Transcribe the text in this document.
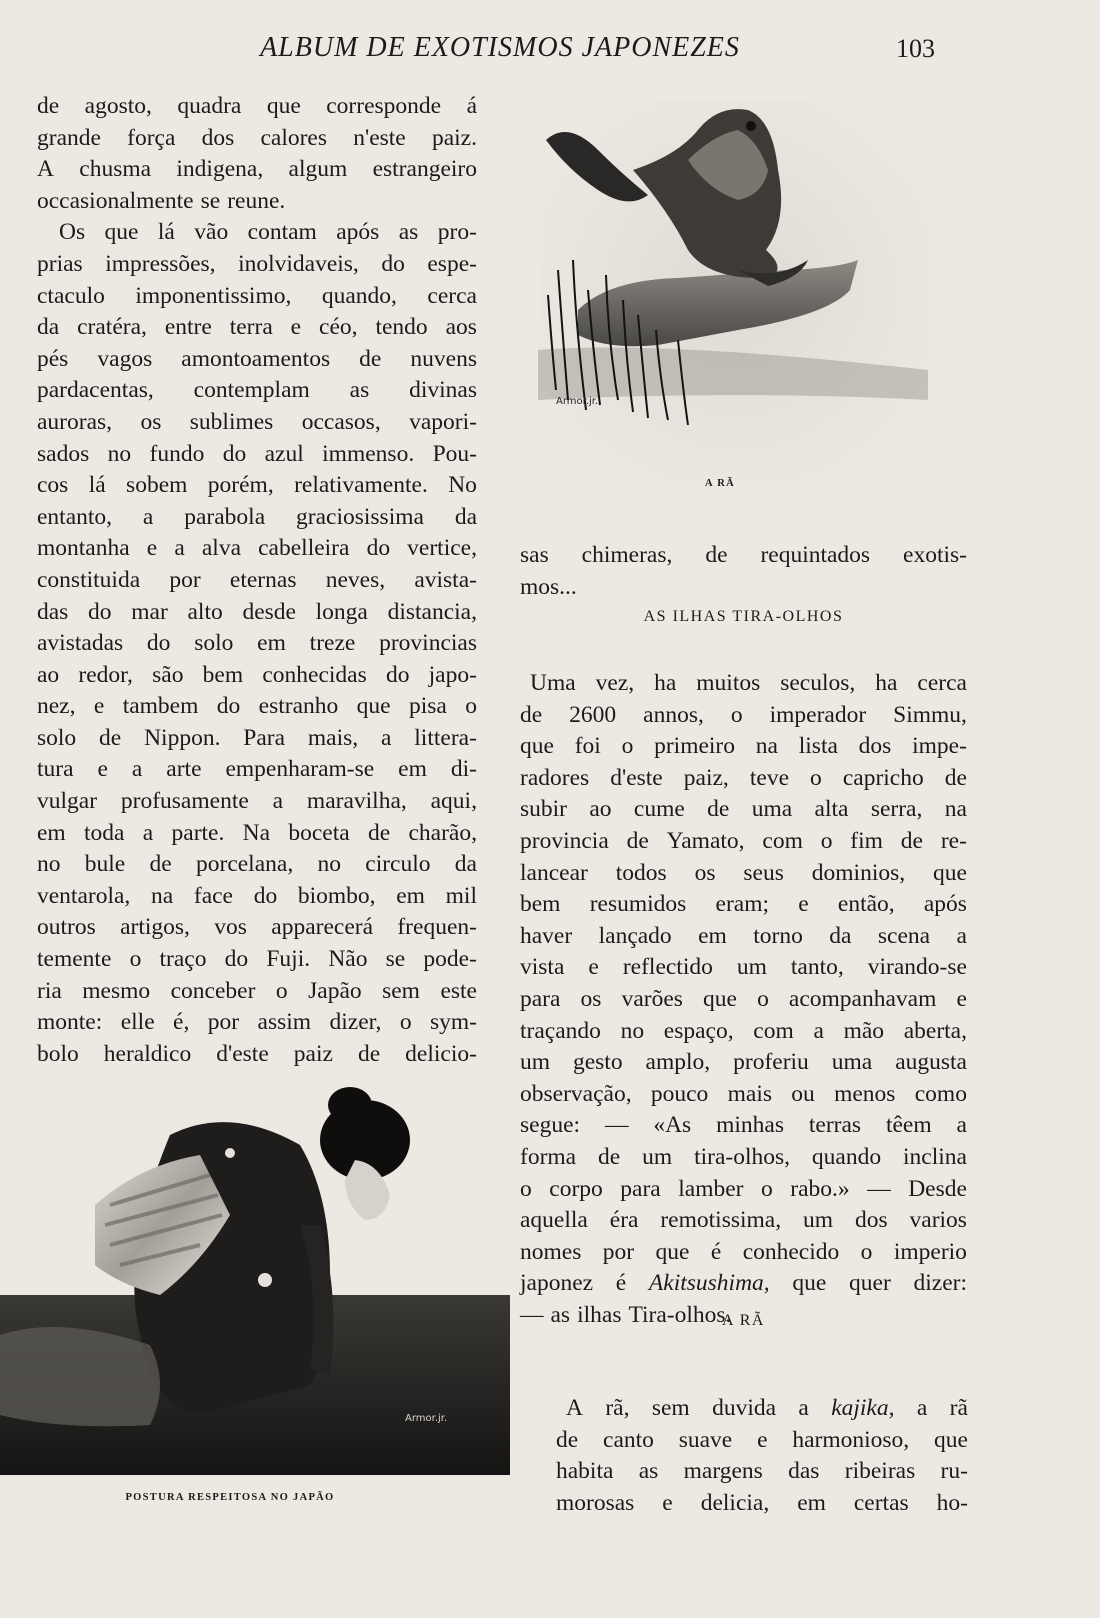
ALBUM DE EXOTISMOS JAPONEZES	103
de agosto, quadra que corresponde á
grande força dos calores n'este paiz.
A chusma indigena, algum estrangeiro
occasionalmente se reune.
Os que lá vão contam após as pro-
prias impressões, inolvidaveis, do espe-
ctaculo imponentissimo, quando, cerca
da cratéra, entre terra e céo, tendo aos
pés vagos amontoamentos de nuvens
pardacentas, contemplam as divinas
auroras, os sublimes occasos, vapori-
sados no fundo do azul immenso. Pou-
cos lá sobem porém, relativamente. No
entanto, a parabola graciosissima da
montanha e a alva cabelleira do vertice,
constituida por eternas neves, avista-
das do mar alto desde longa distancia,
avistadas do solo em treze provincias
ao redor, são bem conhecidas do japo-
nez, e tambem do estranho que pisa o
solo de Nippon. Para mais, a littera-
tura e a arte empenharam-se em di-
vulgar profusamente a maravilha, aqui,
em toda a parte. Na boceta de charão,
no bule de porcelana, no circulo da
ventarola, na face do biombo, em mil
outros artigos, vos apparecerá frequen-
temente o traço do Fuji. Não se pode-
ria mesmo conceber o Japão sem este
monte: elle é, por assim dizer, o sym-
bolo heraldico d'este paiz de delicio-
Armor.jr.
A RÃ
sas chimeras, de requintados exotis-
mos...
AS ILHAS TIRA-OLHOS
Uma vez, ha muitos seculos, ha cerca
de 2600 annos, o imperador Simmu,
que foi o primeiro na lista dos impe-
radores d'este paiz, teve o capricho de
subir ao cume de uma alta serra, na
provincia de Yamato, com o fim de re-
lancear todos os seus dominios, que
bem resumidos eram; e então, após
haver lançado em torno da scena a
vista e reflectido um tanto, virando-se
para os varões que o acompanhavam e
traçando no espaço, com a mão aberta,
um gesto amplo, proferiu uma augusta
observação, pouco mais ou menos como
segue: — «As minhas terras têem a
forma de um tira-olhos, quando inclina
o corpo para lamber o rabo.» — Desde
aquella éra remotissima, um dos varios
nomes por que é conhecido o imperio
japonez é Akitsushima, que quer dizer:
— as ilhas Tira-olhos.
A RÃ
A rã, sem duvida a kajika, a rã
de canto suave e harmonioso, que
habita as margens das ribeiras ru-
morosas e delicia, em certas ho-
Armor.jr.
POSTURA RESPEITOSA NO JAPÃO
